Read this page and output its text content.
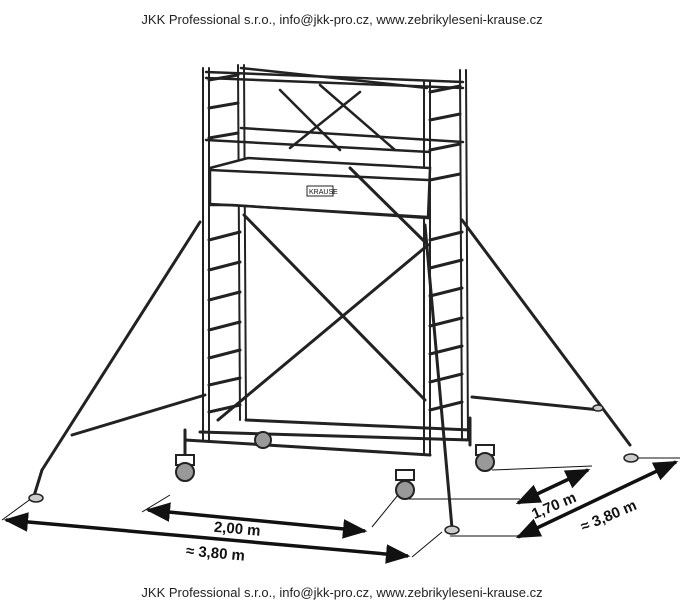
JKK Professional s.r.o., info@jkk-pro.cz, www.zebrikyleseni-krause.cz
JKK Professional s.r.o., info@jkk-pro.cz, www.zebrikyleseni-krause.cz
2,00 m
≈ 3,80 m
1,70 m ≈ 3,80 m
KRAUSE
